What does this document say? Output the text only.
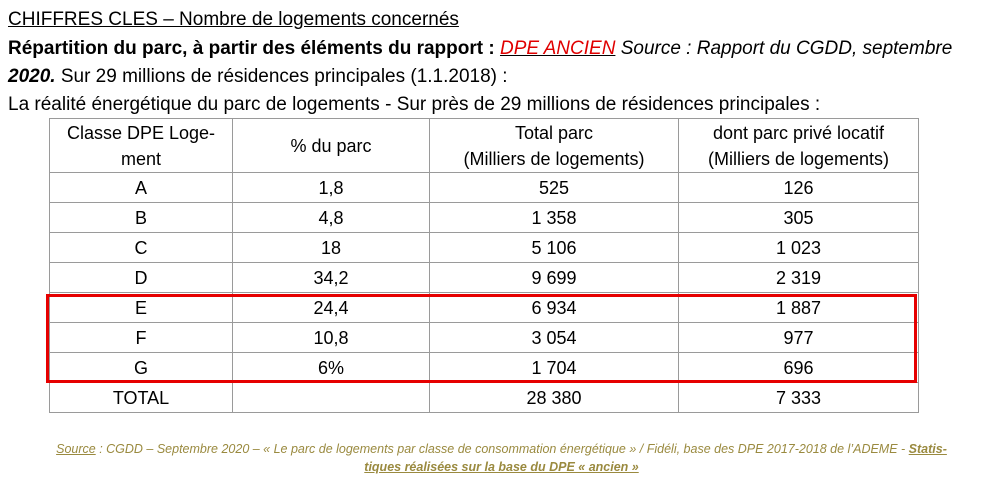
CHIFFRES CLES – Nombre de logements concernés
Répartition du parc, à partir des éléments du rapport : DPE ANCIEN Source : Rapport du CGDD, septembre
2020. Sur 29 millions de résidences principales (1.1.2018) :
La réalité énergétique du parc de logements - Sur près de 29 millions de résidences principales :
Classe DPE Loge-
ment	% du parc	Total parc
(Milliers de logements)	dont parc privé locatif
(Milliers de logements)
A	1,8	525	126
B	4,8	1 358	305
C	18	5 106	1 023
D	34,2	9 699	2 319
E	24,4	6 934	1 887
F	10,8	3 054	977
G	6%	1 704	696
TOTAL		28 380	7 333
Source : CGDD – Septembre 2020 – « Le parc de logements par classe de consommation énergétique » / Fidéli, base des DPE 2017-2018 de l’ADEME - Statis-
tiques réalisées sur la base du DPE « ancien »
